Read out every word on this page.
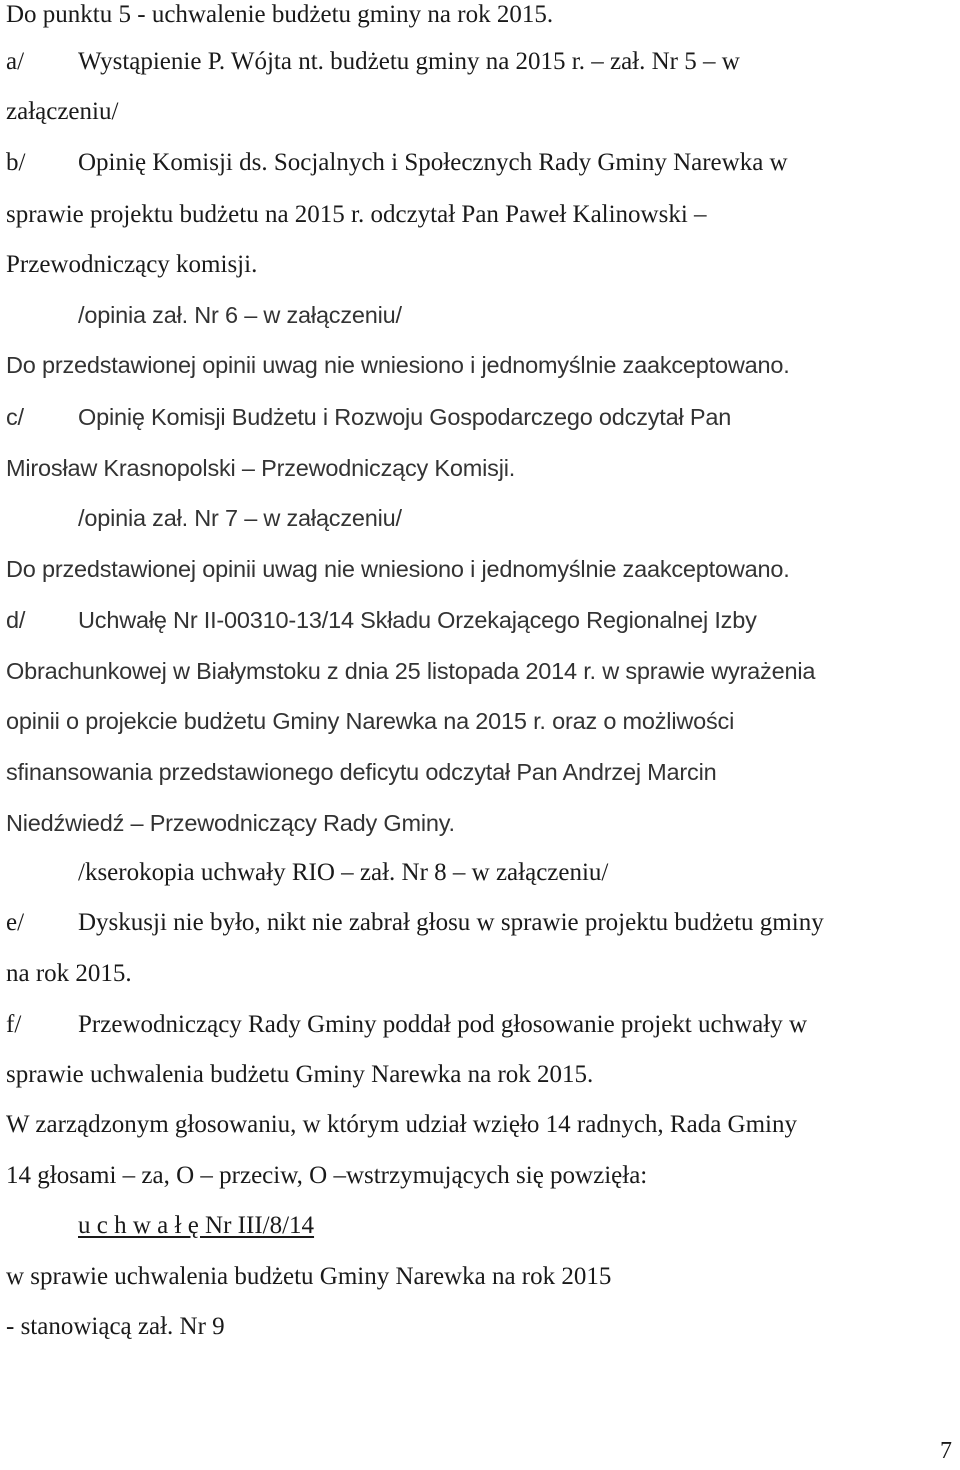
Do punktu 5 - uchwalenie budżetu gminy na rok 2015.

a/ Wystąpienie P. Wójta nt. budżetu gminy na 2015 r. – zał. Nr 5 – w

załączeniu/

b/ Opinię Komisji ds. Socjalnych i Społecznych Rady Gminy Narewka w

sprawie projektu budżetu na 2015 r. odczytał Pan Paweł Kalinowski –

Przewodniczący komisji.

/opinia zał. Nr 6 – w załączeniu/

Do przedstawionej opinii uwag nie wniesiono i jednomyślnie zaakceptowano.

c/ Opinię Komisji Budżetu i Rozwoju Gospodarczego odczytał Pan

Mirosław Krasnopolski – Przewodniczący Komisji.

/opinia zał. Nr 7 – w załączeniu/

Do przedstawionej opinii uwag nie wniesiono i jednomyślnie zaakceptowano.

d/ Uchwałę Nr II-00310-13/14 Składu Orzekającego Regionalnej Izby

Obrachunkowej w Białymstoku z dnia 25 listopada 2014 r. w sprawie wyrażenia

opinii o projekcie budżetu Gminy Narewka na 2015 r. oraz o możliwości

sfinansowania przedstawionego deficytu odczytał Pan Andrzej Marcin

Niedźwiedź – Przewodniczący Rady Gminy.

/kserokopia uchwały RIO – zał. Nr 8 – w załączeniu/

e/ Dyskusji nie było, nikt nie zabrał głosu w sprawie projektu budżetu gminy

na rok 2015.

f/ Przewodniczący Rady Gminy poddał pod głosowanie projekt uchwały w

sprawie uchwalenia budżetu Gminy Narewka na rok 2015.

W zarządzonym głosowaniu, w którym udział wzięło 14 radnych, Rada Gminy

14 głosami – za, O – przeciw, O –wstrzymujących się powzięła:

u c h w a ł ę Nr III/8/14

w sprawie uchwalenia budżetu Gminy Narewka na rok 2015

- stanowiącą zał. Nr 9

7
